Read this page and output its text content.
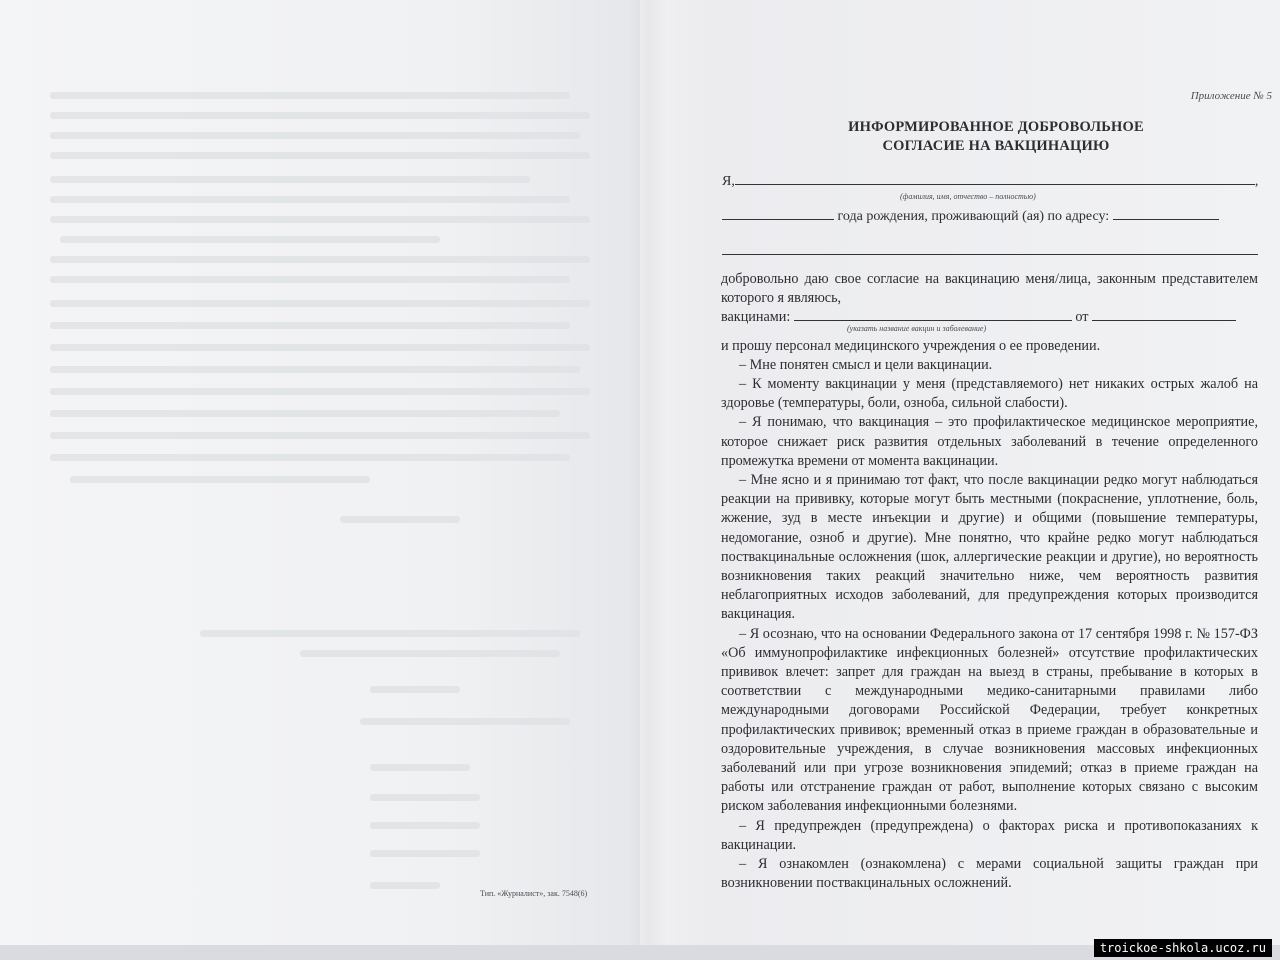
Тип. «Журналист», зак. 7548(6)
Приложение № 5
ИНФОРМИРОВАННОЕ ДОБРОВОЛЬНОЕ
СОГЛАСИЕ НА ВАКЦИНАЦИЮ
Я,	,
(фамилия, имя, отчество – полностью)
года рождения, проживающий (ая) по адресу:

добровольно даю свое согласие на вакцинацию меня/лица, законным представителем которого я являюсь,

вакцинами:	от

(указать название вакцин и заболевание)

и прошу персонал медицинского учреждения о ее проведении.

– Мне понятен смысл и цели вакцинации.

– К моменту вакцинации у меня (представляемого) нет никаких острых жалоб на здоровье (температуры, боли, озноба, сильной слабости).

– Я понимаю, что вакцинация – это профилактическое медицинское мероприятие, которое снижает риск развития отдельных заболеваний в течение определенного промежутка времени от момента вакцинации.

– Мне ясно и я принимаю тот факт, что после вакцинации редко могут наблюдаться реакции на прививку, которые могут быть местными (покраснение, уплотнение, боль, жжение, зуд в месте инъекции и другие) и общими (повышение температуры, недомогание, озноб и другие). Мне понятно, что крайне редко могут наблюдаться поствакцинальные осложнения (шок, аллергические реакции и другие), но вероятность возникновения таких реакций значительно ниже, чем вероятность развития неблагоприятных исходов заболеваний, для предупреждения которых производится вакцинация.

– Я осознаю, что на основании Федерального закона от 17 сентября 1998 г. № 157-ФЗ «Об иммунопрофилактике инфекционных болезней» отсутствие профилактических прививок влечет: запрет для граждан на выезд в страны, пребывание в которых в соответствии с международными медико-санитарными правилами либо международными договорами Российской Федерации, требует конкретных профилактических прививок; временный отказ в приеме граждан в образовательные и оздоровительные учреждения, в случае возникновения массовых инфекционных заболеваний или при угрозе возникновения эпидемий; отказ в приеме граждан на работы или отстранение граждан от работ, выполнение которых связано с высоким риском заболевания инфекционными болезнями.

– Я предупрежден (предупреждена) о факторах риска и противопоказаниях к вакцинации.

– Я ознакомлен (ознакомлена) с мерами социальной защиты граждан при возникновении поствакцинальных осложнений.

troickoe-shkola.ucoz.ru
